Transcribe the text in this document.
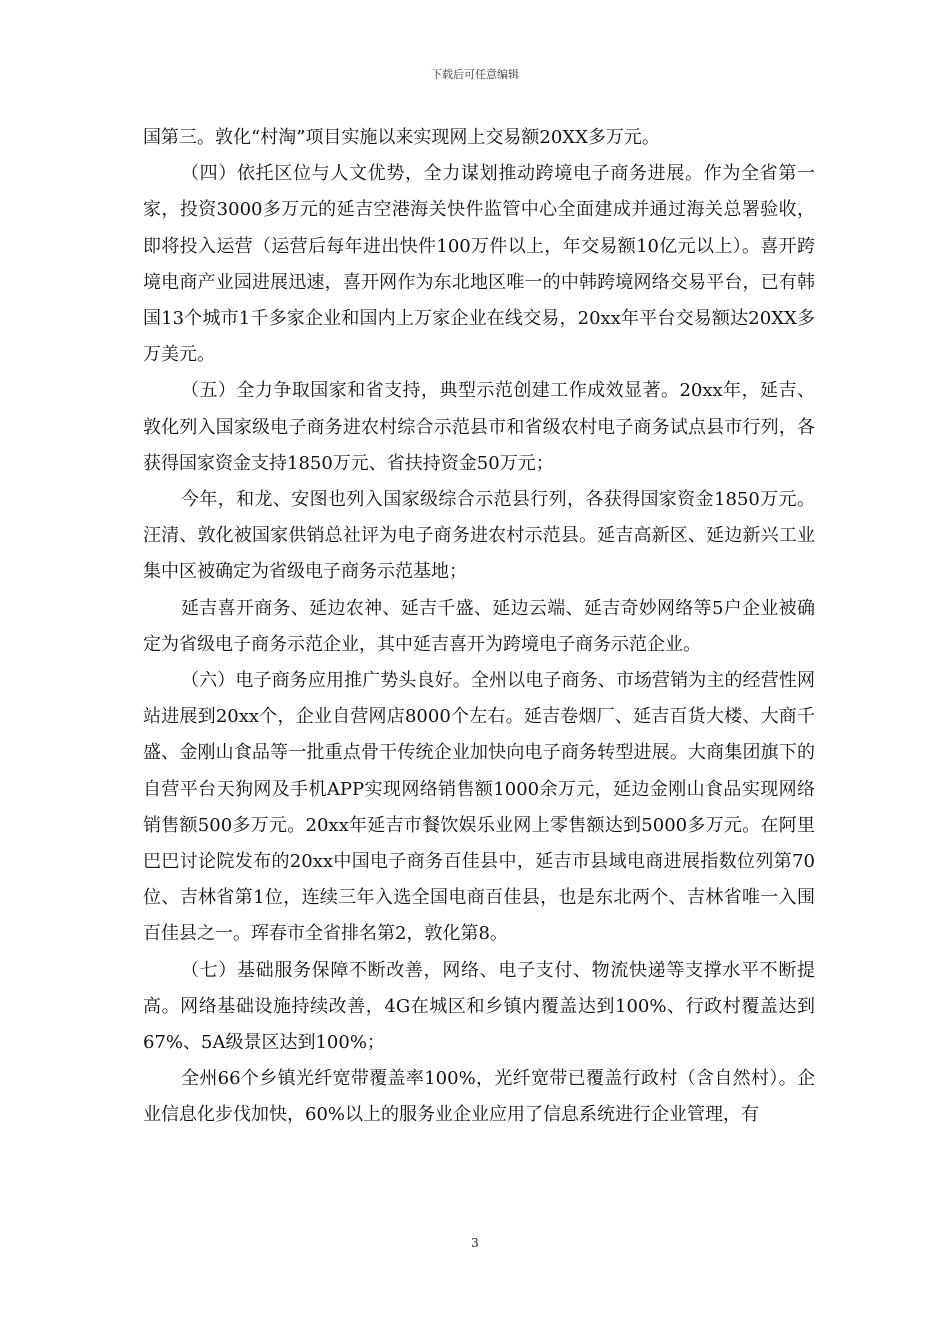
下载后可任意编辑

国第三。敦化“村淘”项目实施以来实现网上交易额20XX多万元。

（四）依托区位与人文优势，全力谋划推动跨境电子商务进展。作为全省第一家，投资3000多万元的延吉空港海关快件监管中心全面建成并通过海关总署验收，即将投入运营（运营后每年进出快件100万件以上，年交易额10亿元以上）。喜开跨境电商产业园进展迅速，喜开网作为东北地区唯一的中韩跨境网络交易平台，已有韩国13个城市1千多家企业和国内上万家企业在线交易，20xx年平台交易额达20XX多万美元。

（五）全力争取国家和省支持，典型示范创建工作成效显著。20xx年，延吉、敦化列入国家级电子商务进农村综合示范县市和省级农村电子商务试点县市行列，各获得国家资金支持1850万元、省扶持资金50万元；

今年，和龙、安图也列入国家级综合示范县行列，各获得国家资金1850万元。汪清、敦化被国家供销总社评为电子商务进农村示范县。延吉高新区、延边新兴工业集中区被确定为省级电子商务示范基地；

延吉喜开商务、延边农神、延吉千盛、延边云端、延吉奇妙网络等5户企业被确定为省级电子商务示范企业，其中延吉喜开为跨境电子商务示范企业。

（六）电子商务应用推广势头良好。全州以电子商务、市场营销为主的经营性网站进展到20xx个，企业自营网店8000个左右。延吉卷烟厂、延吉百货大楼、大商千盛、金刚山食品等一批重点骨干传统企业加快向电子商务转型进展。大商集团旗下的自营平台天狗网及手机APP实现网络销售额1000余万元，延边金刚山食品实现网络销售额500多万元。20xx年延吉市餐饮娱乐业网上零售额达到5000多万元。在阿里巴巴讨论院发布的20xx中国电子商务百佳县中，延吉市县域电商进展指数位列第70位、吉林省第1位，连续三年入选全国电商百佳县，也是东北两个、吉林省唯一入围百佳县之一。珲春市全省排名第2，敦化第8。

（七）基础服务保障不断改善，网络、电子支付、物流快递等支撑水平不断提高。网络基础设施持续改善，4G在城区和乡镇内覆盖达到100%、行政村覆盖达到67%、5A级景区达到100%；

全州66个乡镇光纤宽带覆盖率100%，光纤宽带已覆盖行政村（含自然村）。企业信息化步伐加快，60%以上的服务业企业应用了信息系统进行企业管理，有

3
